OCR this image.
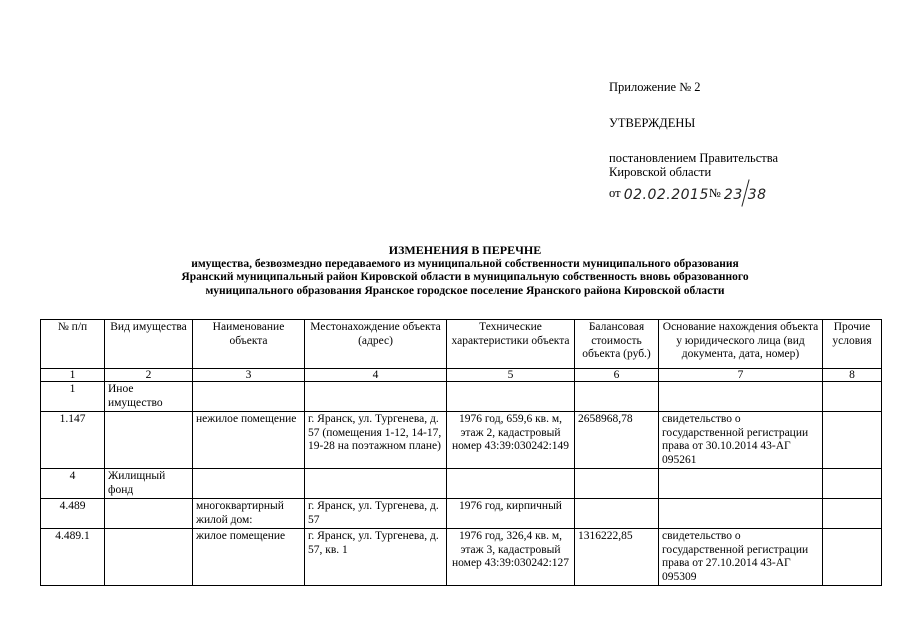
Приложение № 2
УТВЕРЖДЕНЫ
постановлением Правительства
Кировской области
от 02.02.2015№ 23 38
ИЗМЕНЕНИЯ В ПЕРЕЧНЕ
имущества, безвозмездно передаваемого из муниципальной собственности муниципального образования
Яранский муниципальный район Кировской области в муниципальную собственность вновь образованного
муниципального образования Яранское городское поселение Яранского района Кировской области
№ п/п	Вид имущества	Наименование объекта	Местонахождение объекта (адрес)	Технические характеристики объекта	Балансовая стоимость объекта (руб.)	Основание нахождения объекта у юридического лица (вид документа, дата, номер)	Прочие условия
1	2	3	4	5	6	7	8
1	Иное имущество						
1.147		нежилое помещение	г. Яранск, ул. Тургенева, д. 57 (помещения 1-12, 14-17, 19-28 на поэтажном плане)	1976 год, 659,6 кв. м, этаж 2, кадастровый номер 43:39:030242:149	2658968,78	свидетельство о государственной регистрации права от 30.10.2014 43-АГ 095261	
4	Жилищный фонд						
4.489		многоквартирный жилой дом:	г. Яранск, ул. Тургенева, д. 57	1976 год, кирпичный			
4.489.1		жилое помещение	г. Яранск, ул. Тургенева, д. 57, кв. 1	1976 год, 326,4 кв. м, этаж 3, кадастровый номер 43:39:030242:127	1316222,85	свидетельство о государственной регистрации права от 27.10.2014 43-АГ 095309	
